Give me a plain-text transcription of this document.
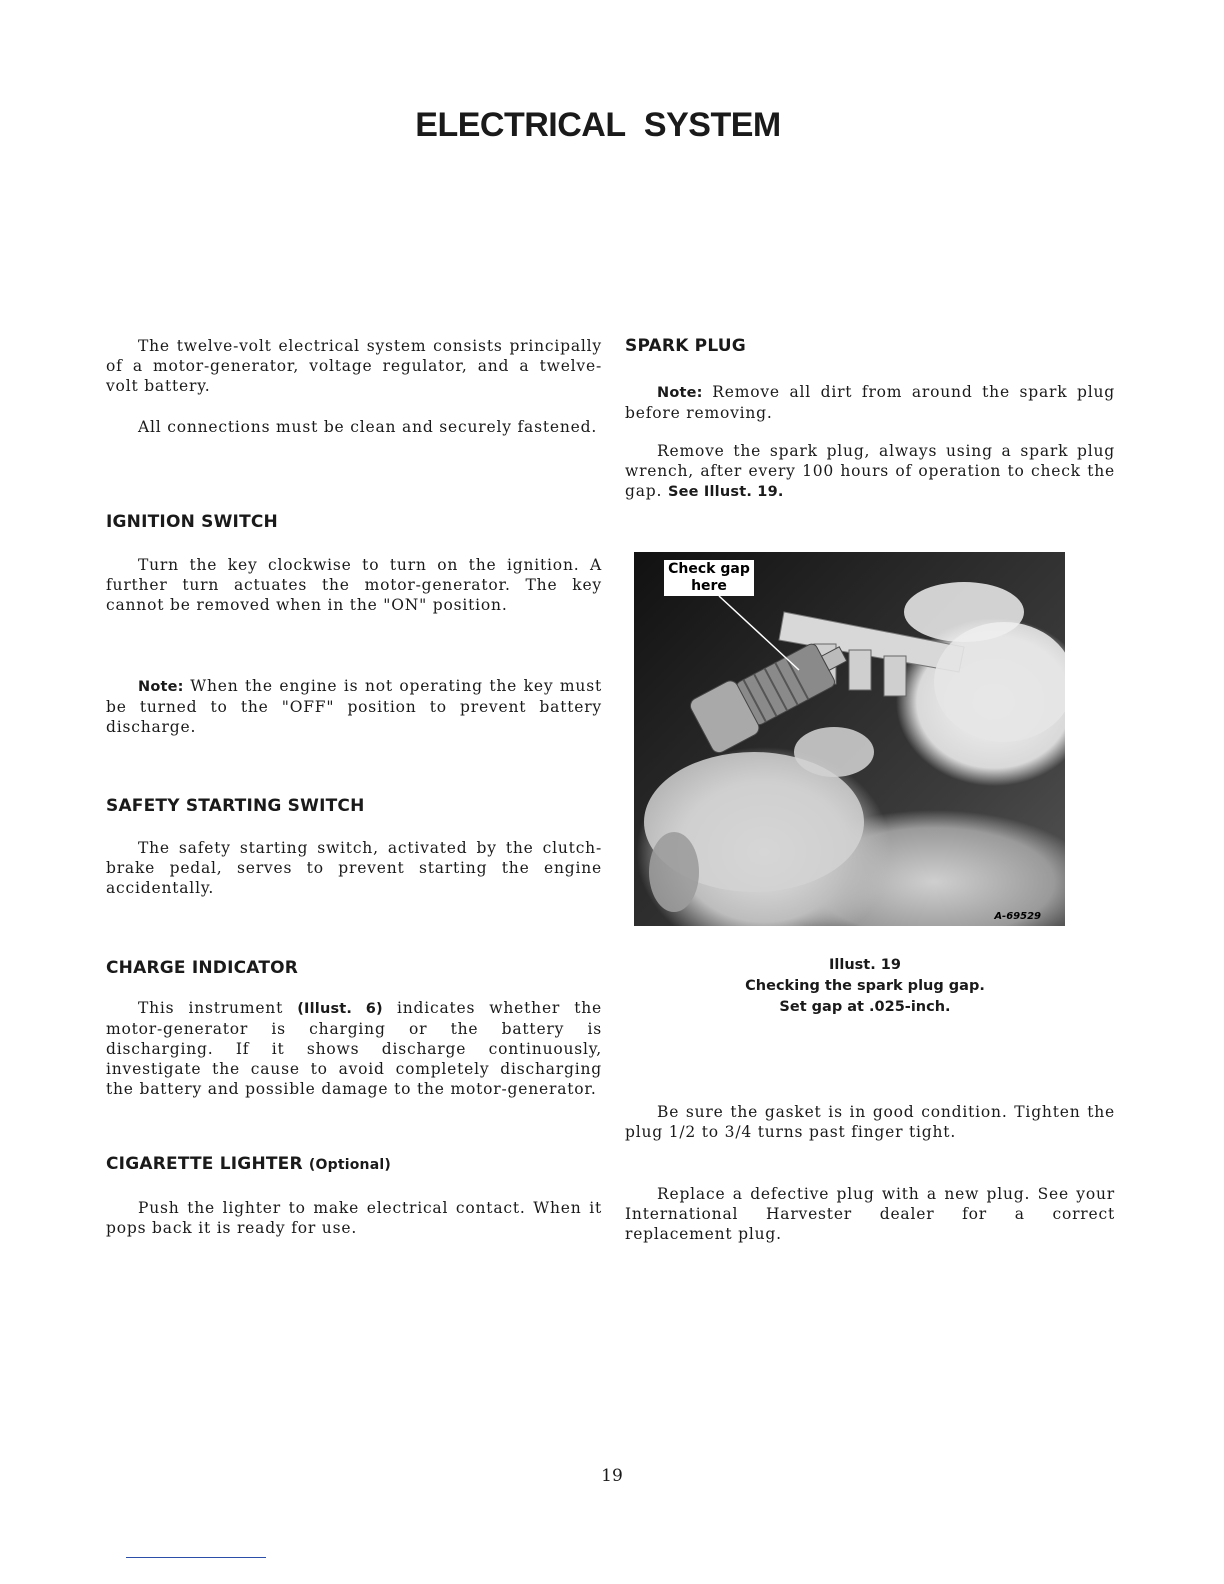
ELECTRICAL SYSTEM

The twelve-volt electrical system consists principally of a motor-generator, voltage regulator, and a twelve-volt battery.

All connections must be clean and securely fastened.

IGNITION SWITCH

Turn the key clockwise to turn on the ignition. A further turn actuates the motor-generator. The key cannot be removed when in the "ON" position.

Note: When the engine is not operating the key must be turned to the "OFF" position to prevent battery discharge.

SAFETY STARTING SWITCH

The safety starting switch, activated by the clutch-brake pedal, serves to prevent starting the engine accidentally.

CHARGE INDICATOR

This instrument (Illust. 6) indicates whether the motor-generator is charging or the battery is discharging. If it shows discharge continuously, investigate the cause to avoid completely discharging the battery and possible damage to the motor-generator.

CIGARETTE LIGHTER (Optional)

Push the lighter to make electrical contact. When it pops back it is ready for use.

SPARK PLUG

Note: Remove all dirt from around the spark plug before removing.

Remove the spark plug, always using a spark plug wrench, after every 100 hours of operation to check the gap. See Illust. 19.

Be sure the gasket is in good condition. Tighten the plug 1/2 to 3/4 turns past finger tight.

Replace a defective plug with a new plug. See your International Harvester dealer for a correct replacement plug.

Check gap
here
A-69529
Illust. 19
Checking the spark plug gap.
Set gap at .025-inch.
19
